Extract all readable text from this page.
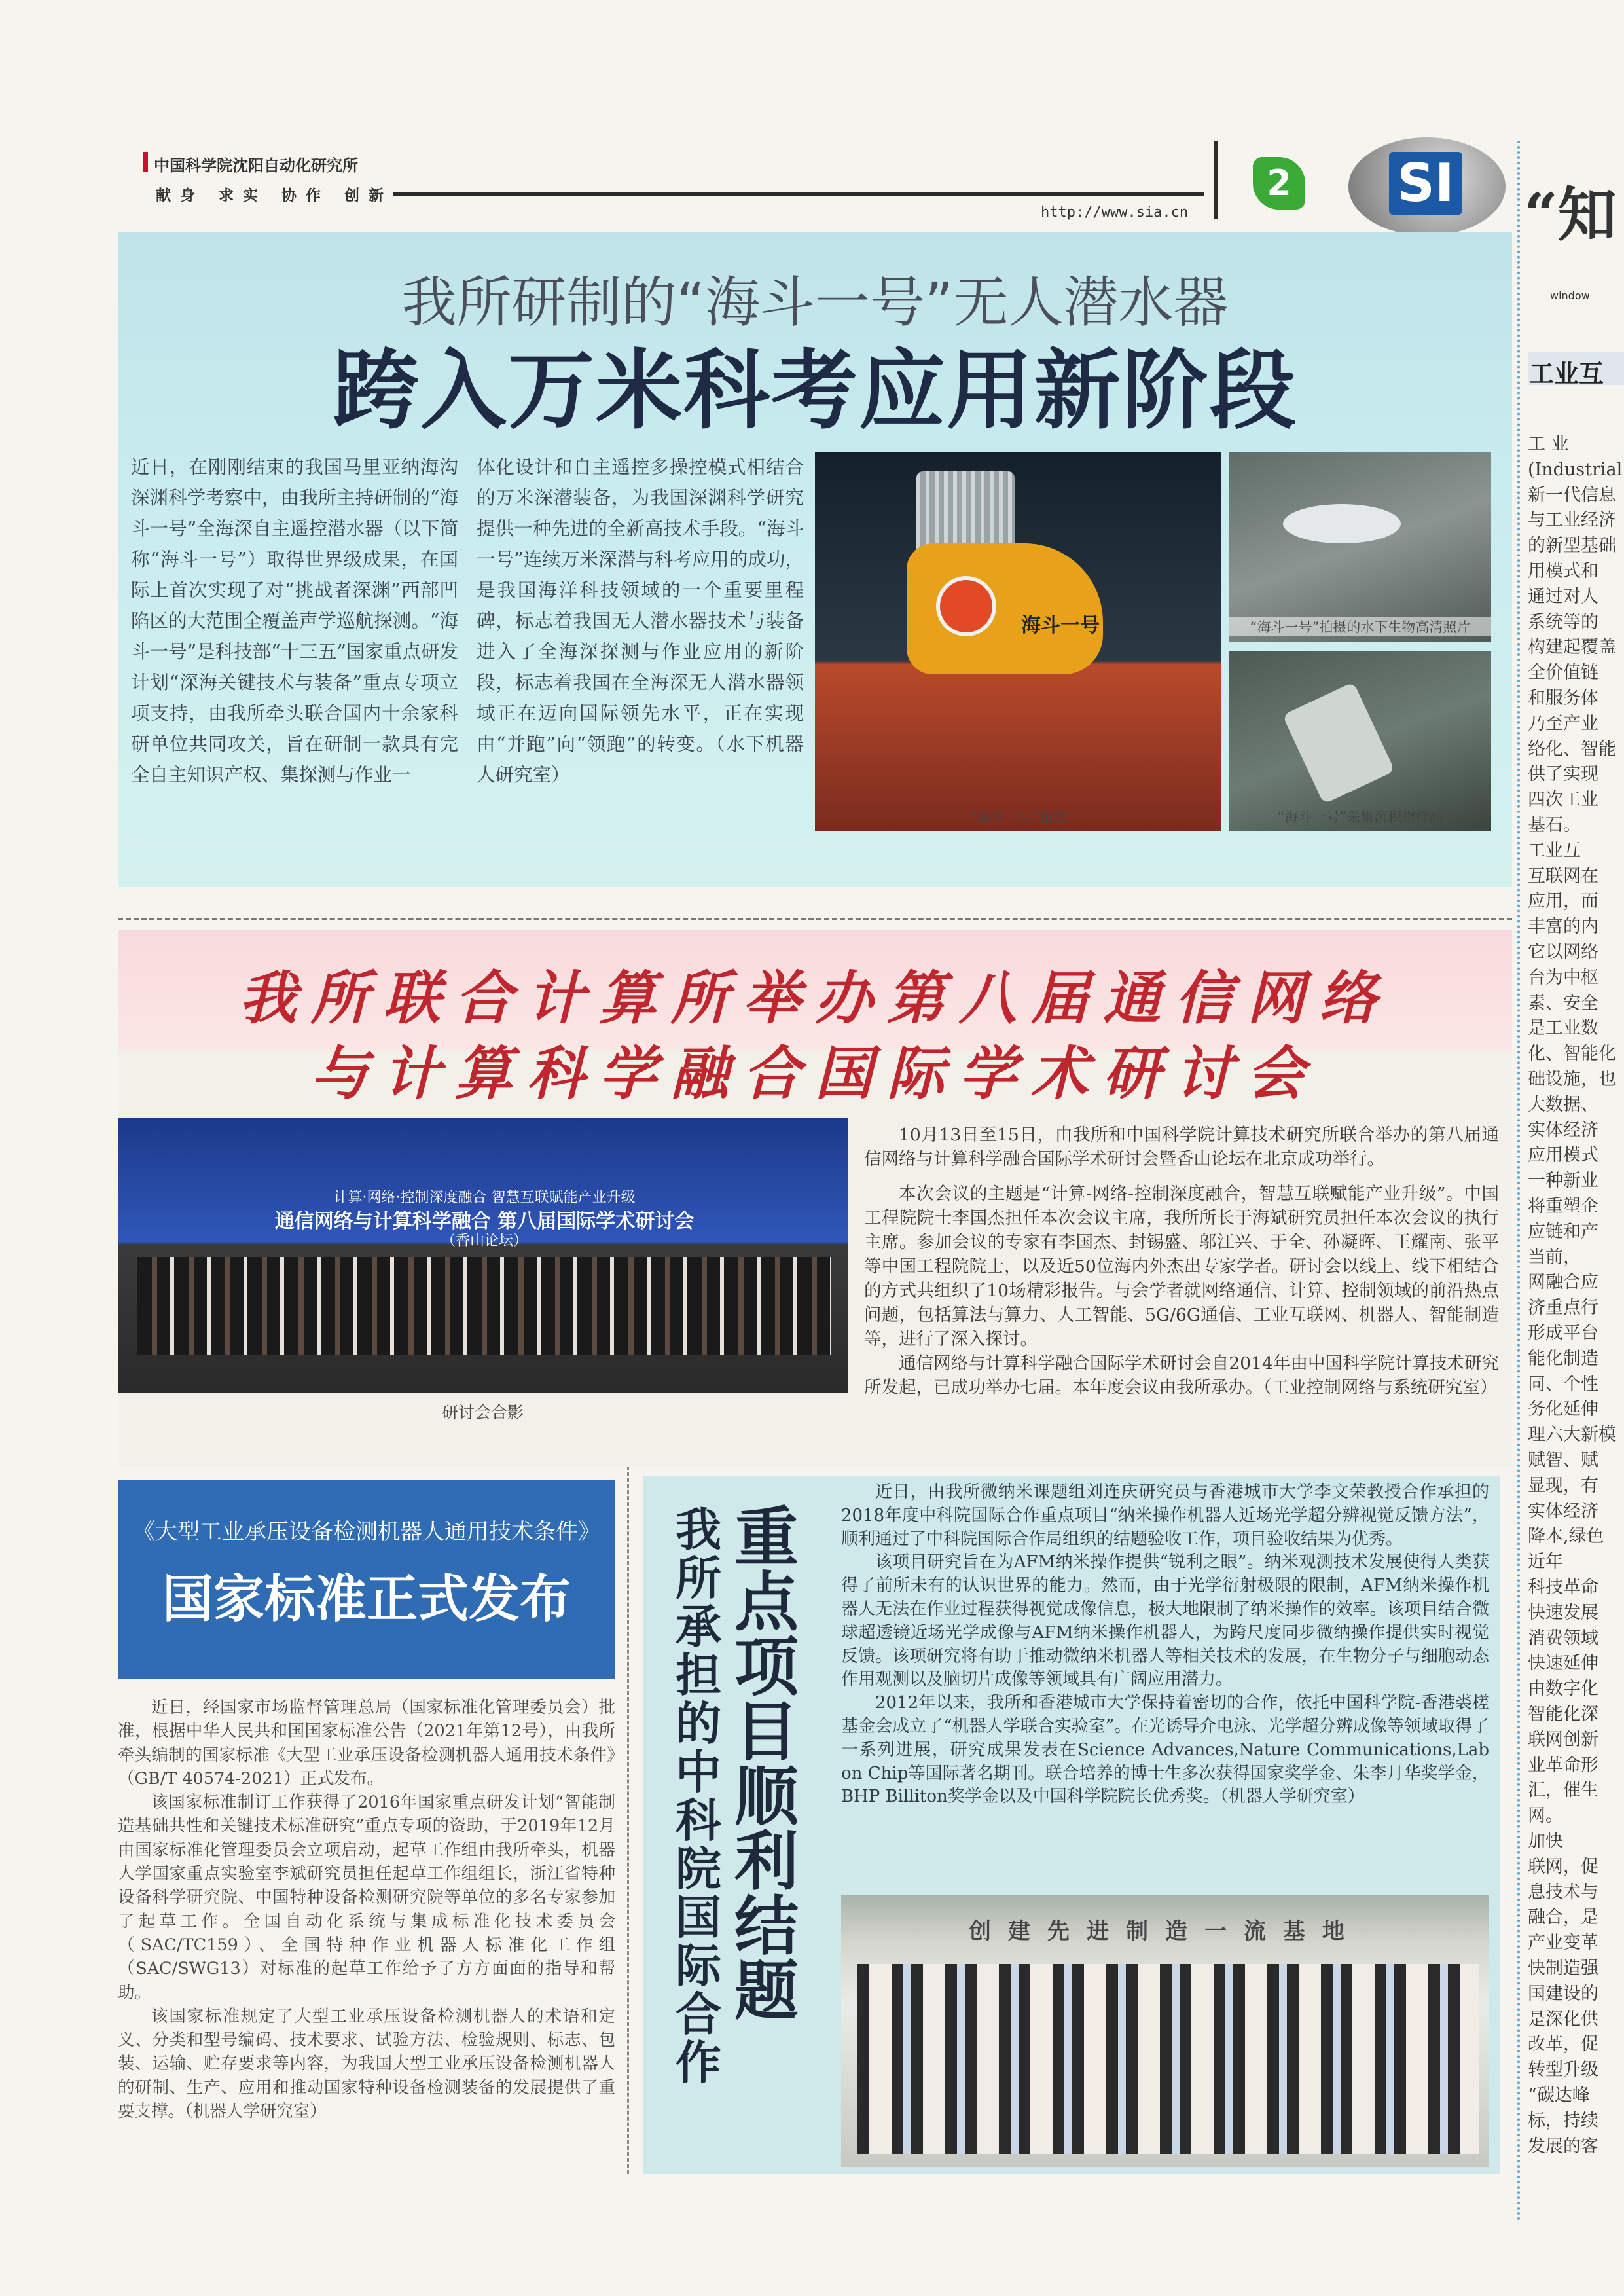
中国科学院沈阳自动化研究所
献身 求实 协作 创新
http://www.sia.cn
2 SI
我所研制的“海斗一号”无人潜水器
跨入万米科考应用新阶段
近日，在刚刚结束的我国马里亚纳海沟深渊科学考察中，由我所主持研制的“海斗一号”全海深自主遥控潜水器（以下简称“海斗一号”）取得世界级成果，在国际上首次实现了对“挑战者深渊”西部凹陷区的大范围全覆盖声学巡航探测。“海斗一号”是科技部“十三五”国家重点研发计划“深海关键技术与装备”重点专项立项支持，由我所牵头联合国内十余家科研单位共同攻关，旨在研制一款具有完全自主知识产权、集探测与作业一
体化设计和自主遥控多操控模式相结合的万米深潜装备，为我国深渊科学研究提供一种先进的全新高技术手段。“海斗一号”连续万米深潜与科考应用的成功，是我国海洋科技领域的一个重要里程碑，标志着我国无人潜水器技术与装备进入了全海深探测与作业应用的新阶段，标志着我国在全海深无人潜水器领域正在迈向国际领先水平，正在实现由“并跑”向“领跑”的转变。（水下机器人研究室）
海斗一号
“海斗一号”布放
“海斗一号”拍摄的水下生物高清照片
“海斗一号”采集沉积物样品
我所联合计算所举办第八届通信网络
与计算科学融合国际学术研讨会
计算·网络·控制深度融合 智慧互联赋能产业升级
通信网络与计算科学融合 第八届国际学术研讨会
（香山论坛）
研讨会合影
10月13日至15日，由我所和中国科学院计算技术研究所联合举办的第八届通信网络与计算科学融合国际学术研讨会暨香山论坛在北京成功举行。
本次会议的主题是“计算-网络-控制深度融合，智慧互联赋能产业升级”。中国工程院院士李国杰担任本次会议主席，我所所长于海斌研究员担任本次会议的执行主席。参加会议的专家有李国杰、封锡盛、邬江兴、于全、孙凝晖、王耀南、张平等中国工程院院士，以及近50位海内外杰出专家学者。研讨会以线上、线下相结合的方式共组织了10场精彩报告。与会学者就网络通信、计算、控制领域的前沿热点问题，包括算法与算力、人工智能、5G/6G通信、工业互联网、机器人、智能制造等，进行了深入探讨。
通信网络与计算科学融合国际学术研讨会自2014年由中国科学院计算技术研究所发起，已成功举办七届。本年度会议由我所承办。（工业控制网络与系统研究室）
《大型工业承压设备检测机器人通用技术条件》
国家标准正式发布
近日，经国家市场监督管理总局（国家标准化管理委员会）批准，根据中华人民共和国国家标准公告（2021年第12号），由我所牵头编制的国家标准《大型工业承压设备检测机器人通用技术条件》（GB/T 40574-2021）正式发布。
该国家标准制订工作获得了2016年国家重点研发计划“智能制造基础共性和关键技术标准研究”重点专项的资助，于2019年12月由国家标准化管理委员会立项启动，起草工作组由我所牵头，机器人学国家重点实验室李斌研究员担任起草工作组组长，浙江省特种设备科学研究院、中国特种设备检测研究院等单位的多名专家参加了起草工作。全国自动化系统与集成标准化技术委员会（SAC/TC159）、全国特种作业机器人标准化工作组（SAC/SWG13）对标准的起草工作给予了方方面面的指导和帮助。
该国家标准规定了大型工业承压设备检测机器人的术语和定义、分类和型号编码、技术要求、试验方法、检验规则、标志、包装、运输、贮存要求等内容，为我国大型工业承压设备检测机器人的研制、生产、应用和推动国家特种设备检测装备的发展提供了重要支撑。（机器人学研究室）
重点项目顺利结题
我所承担的中科院国际合作
近日，由我所微纳米课题组刘连庆研究员与香港城市大学李文荣教授合作承担的2018年度中科院国际合作重点项目“纳米操作机器人近场光学超分辨视觉反馈方法”，顺利通过了中科院国际合作局组织的结题验收工作，项目验收结果为优秀。
该项目研究旨在为AFM纳米操作提供“锐利之眼”。纳米观测技术发展使得人类获得了前所未有的认识世界的能力。然而，由于光学衍射极限的限制，AFM纳米操作机器人无法在作业过程获得视觉成像信息，极大地限制了纳米操作的效率。该项目结合微球超透镜近场光学成像与AFM纳米操作机器人，为跨尺度同步微纳操作提供实时视觉反馈。该项研究将有助于推动微纳米机器人等相关技术的发展，在生物分子与细胞动态作用观测以及脑切片成像等领域具有广阔应用潜力。
2012年以来，我所和香港城市大学保持着密切的合作，依托中国科学院-香港裘槎基金会成立了“机器人学联合实验室”。在光诱导介电泳、光学超分辨成像等领域取得了一系列进展，研究成果发表在Science Advances,Nature Communications,Lab on Chip等国际著名期刊。联合培养的博士生多次获得国家奖学金、朱李月华奖学金，BHP Billiton奖学金以及中国科学院院长优秀奖。（机器人学研究室）
创建先进制造一流基地
“知
window
工业互
工 业
(Industrial
新一代信息
与工业经济
的新型基础
用模式和
通过对人
系统等的
构建起覆盖
全价值链
和服务体
乃至产业
络化、智能
供了实现
四次工业
基石。
工业互
互联网在
应用，而
丰富的内
它以网络
台为中枢
素、安全
是工业数
化、智能化
础设施，也
大数据、
实体经济
应用模式
一种新业
将重塑企
应链和产
当前，
网融合应
济重点行
形成平台
能化制造
同、个性
务化延伸
理六大新模
赋智、赋
显现，有
实体经济
降本,绿色
近年
科技革命
快速发展
消费领域
快速延伸
由数字化
智能化深
联网创新
业革命形
汇，催生
网。
加快
联网，促
息技术与
融合，是
产业变革
快制造强
国建设的
是深化供
改革，促
转型升级
“碳达峰
标，持续
发展的客
